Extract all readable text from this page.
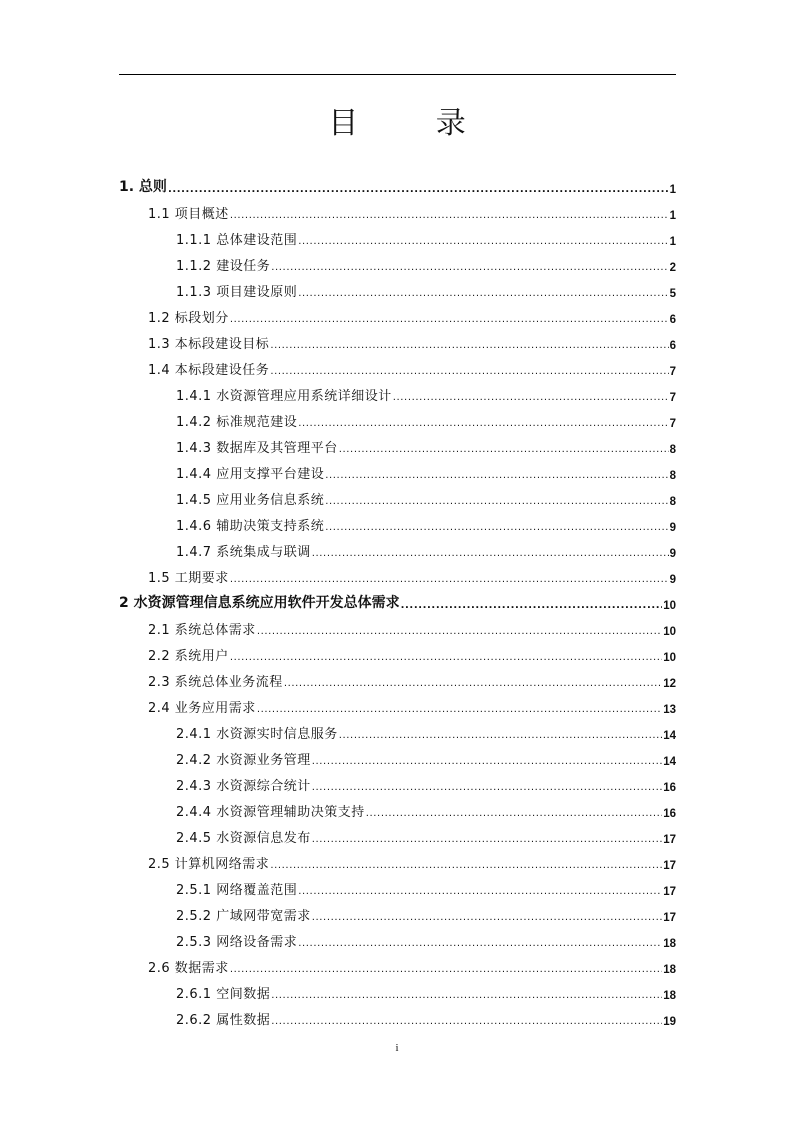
目 录
1. 总则 .....	1
1.1 项目概述 .....	1
1.1.1 总体建设范围 .....	1
1.1.2 建设任务 .....	2
1.1.3 项目建设原则 .....	5
1.2 标段划分 .....	6
1.3 本标段建设目标 .....	6
1.4 本标段建设任务 .....	7
1.4.1 水资源管理应用系统详细设计 .....	7
1.4.2 标准规范建设 .....	7
1.4.3 数据库及其管理平台 .....	8
1.4.4 应用支撑平台建设 .....	8
1.4.5 应用业务信息系统 .....	8
1.4.6 辅助决策支持系统 .....	9
1.4.7 系统集成与联调 .....	9
1.5 工期要求 .....	9
2 水资源管理信息系统应用软件开发总体需求 .....	10
2.1 系统总体需求 .....	10
2.2 系统用户 .....	10
2.3 系统总体业务流程 .....	12
2.4 业务应用需求 .....	13
2.4.1 水资源实时信息服务 .....	14
2.4.2 水资源业务管理 .....	14
2.4.3 水资源综合统计 .....	16
2.4.4 水资源管理辅助决策支持 .....	16
2.4.5 水资源信息发布 .....	17
2.5 计算机网络需求 .....	17
2.5.1 网络覆盖范围 .....	17
2.5.2 广域网带宽需求 .....	17
2.5.3 网络设备需求 .....	18
2.6 数据需求 .....	18
2.6.1 空间数据 .....	18
2.6.2 属性数据 .....	19
i
